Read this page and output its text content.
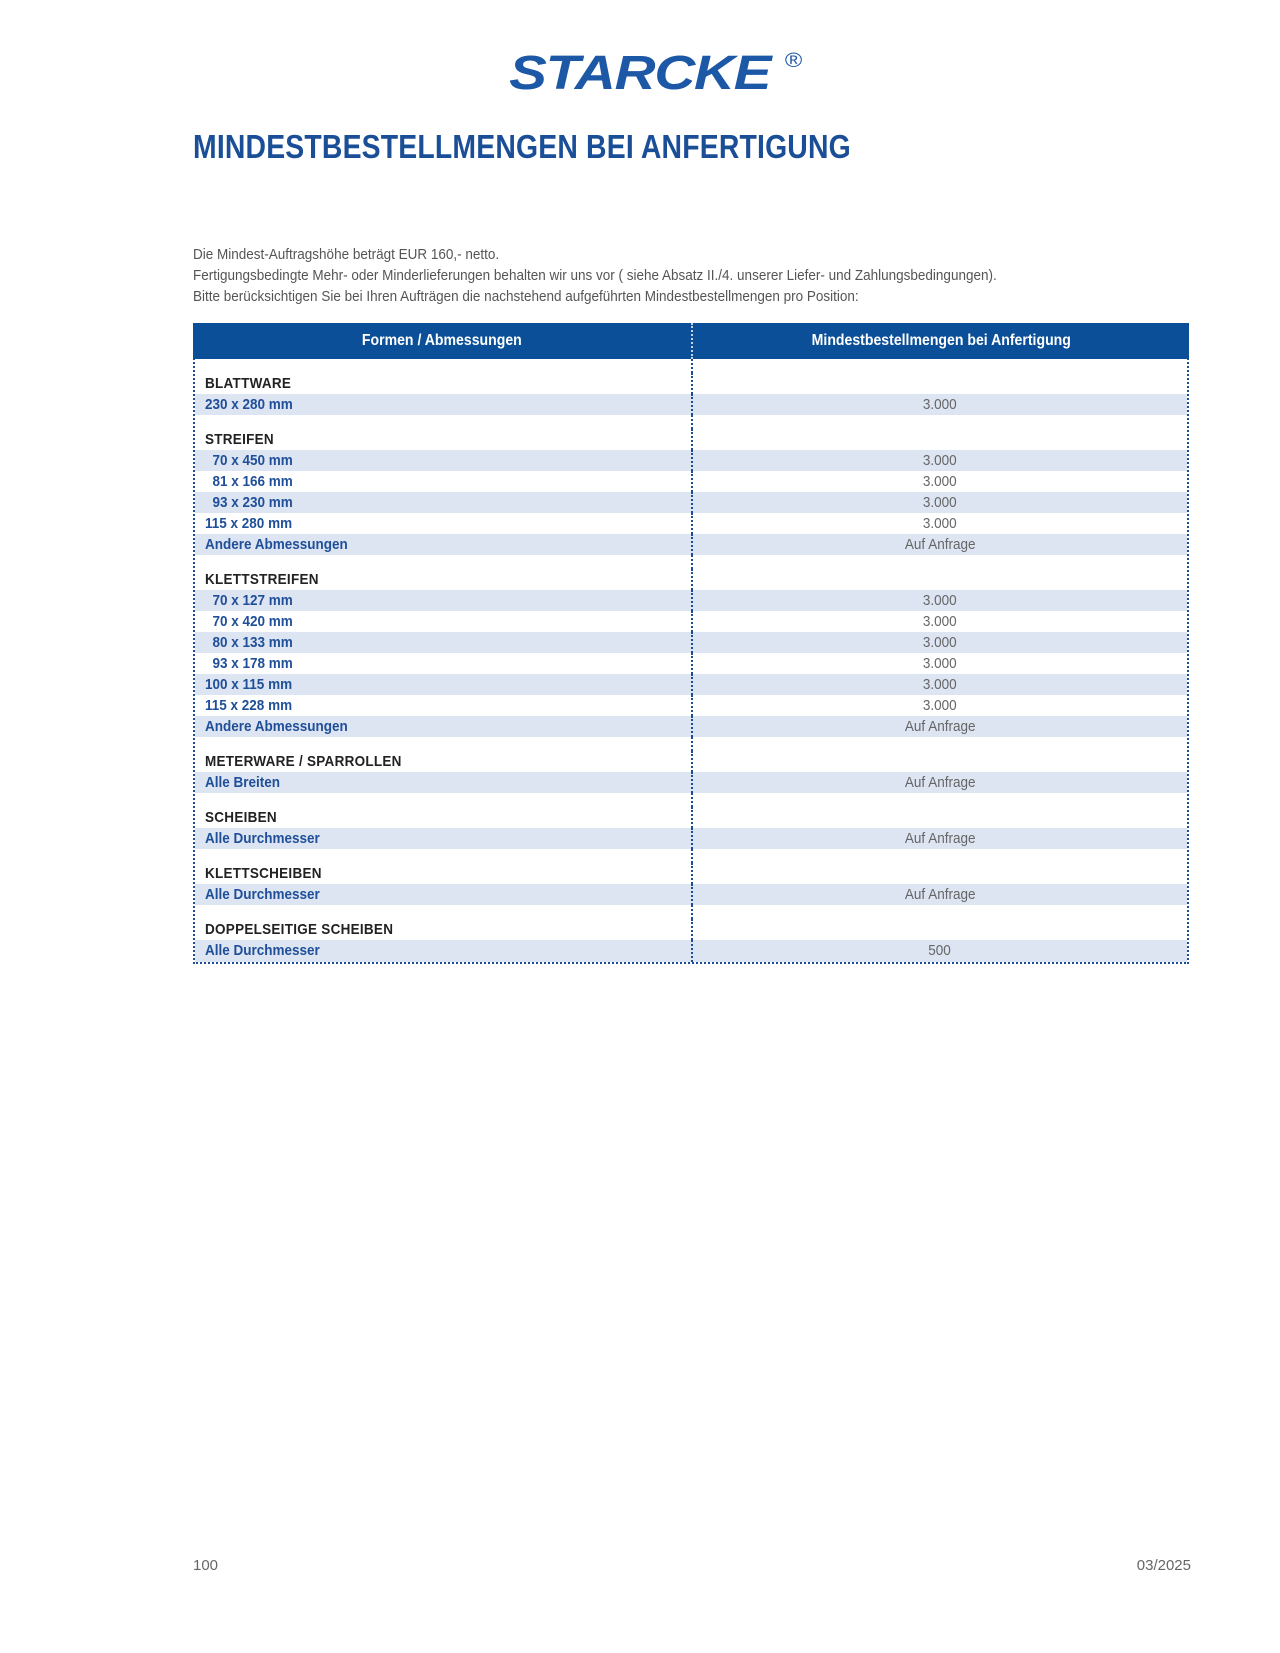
STARCKE ®
MINDESTBESTELLMENGEN BEI ANFERTIGUNG

Die Mindest-Auftragshöhe beträgt EUR 160,- netto.

Fertigungsbedingte Mehr- oder Minderlieferungen behalten wir uns vor ( siehe Absatz II./4. unserer Liefer- und Zahlungsbedingungen).

Bitte berücksichtigen Sie bei Ihren Aufträgen die nachstehend aufgeführten Mindestbestellmengen pro Position:

Formen / Abmessungen	Mindestbestellmengen bei Anfertigung
BLATTWARE
230 x 280 mm	3.000
STREIFEN
70 x 450 mm	3.000
81 x 166 mm	3.000
93 x 230 mm	3.000
115 x 280 mm	3.000
Andere Abmessungen	Auf Anfrage
KLETTSTREIFEN
70 x 127 mm	3.000
70 x 420 mm	3.000
80 x 133 mm	3.000
93 x 178 mm	3.000
100 x 115 mm	3.000
115 x 228 mm	3.000
Andere Abmessungen	Auf Anfrage
METERWARE / SPARROLLEN
Alle Breiten	Auf Anfrage
SCHEIBEN
Alle Durchmesser	Auf Anfrage
KLETTSCHEIBEN
Alle Durchmesser	Auf Anfrage
DOPPELSEITIGE SCHEIBEN
Alle Durchmesser	500
100	03/2025
